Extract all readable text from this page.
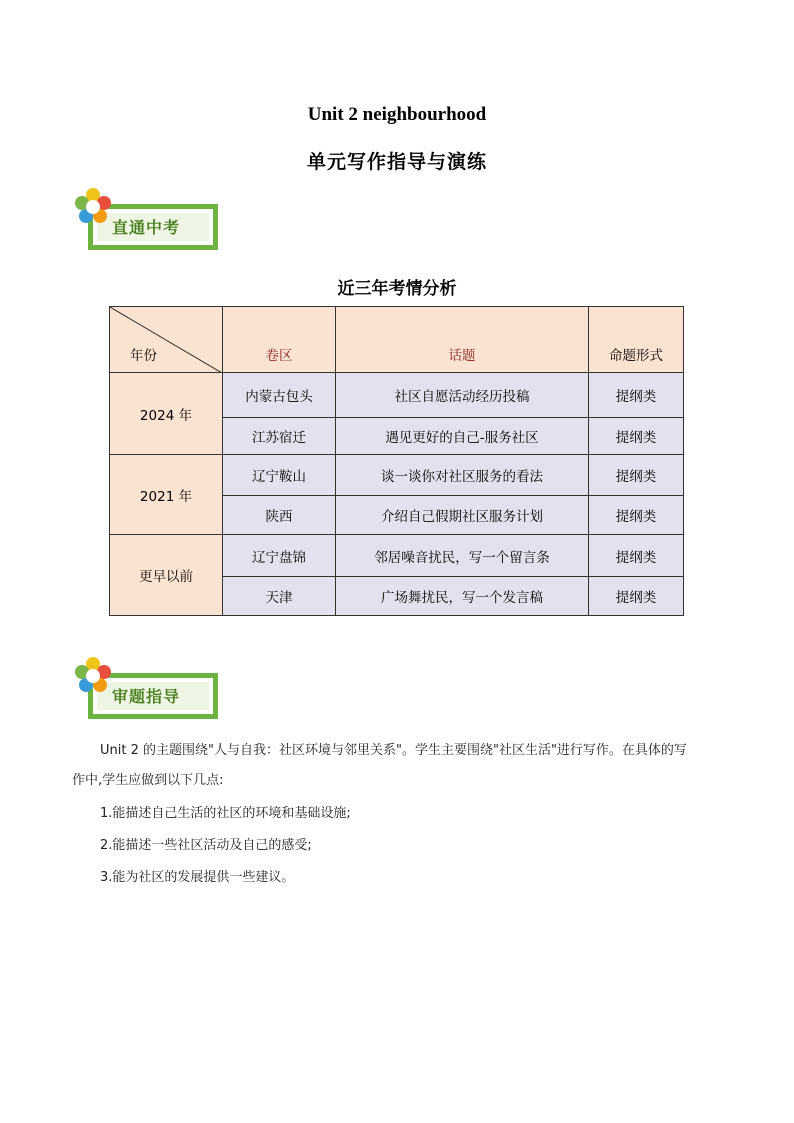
Unit 2 neighbourhood
单元写作指导与演练
直通中考
近三年考情分析
年份	卷区	话题	命题形式
2024 年	内蒙古包头	社区自愿活动经历投稿	提纲类
	江苏宿迁	遇见更好的自己-服务社区	提纲类
2021 年	辽宁鞍山	谈一谈你对社区服务的看法	提纲类
	陕西	介绍自己假期社区服务计划	提纲类
更早以前	辽宁盘锦	邻居噪音扰民，写一个留言条	提纲类
	天津	广场舞扰民，写一个发言稿	提纲类
审题指导
Unit 2 的主题围绕"人与自我：社区环境与邻里关系"。学生主要围绕"社区生活"进行写作。在具体的写
作中,学生应做到以下几点:
1.能描述自己生活的社区的环境和基础设施;
2.能描述一些社区活动及自己的感受;
3.能为社区的发展提供一些建议。
